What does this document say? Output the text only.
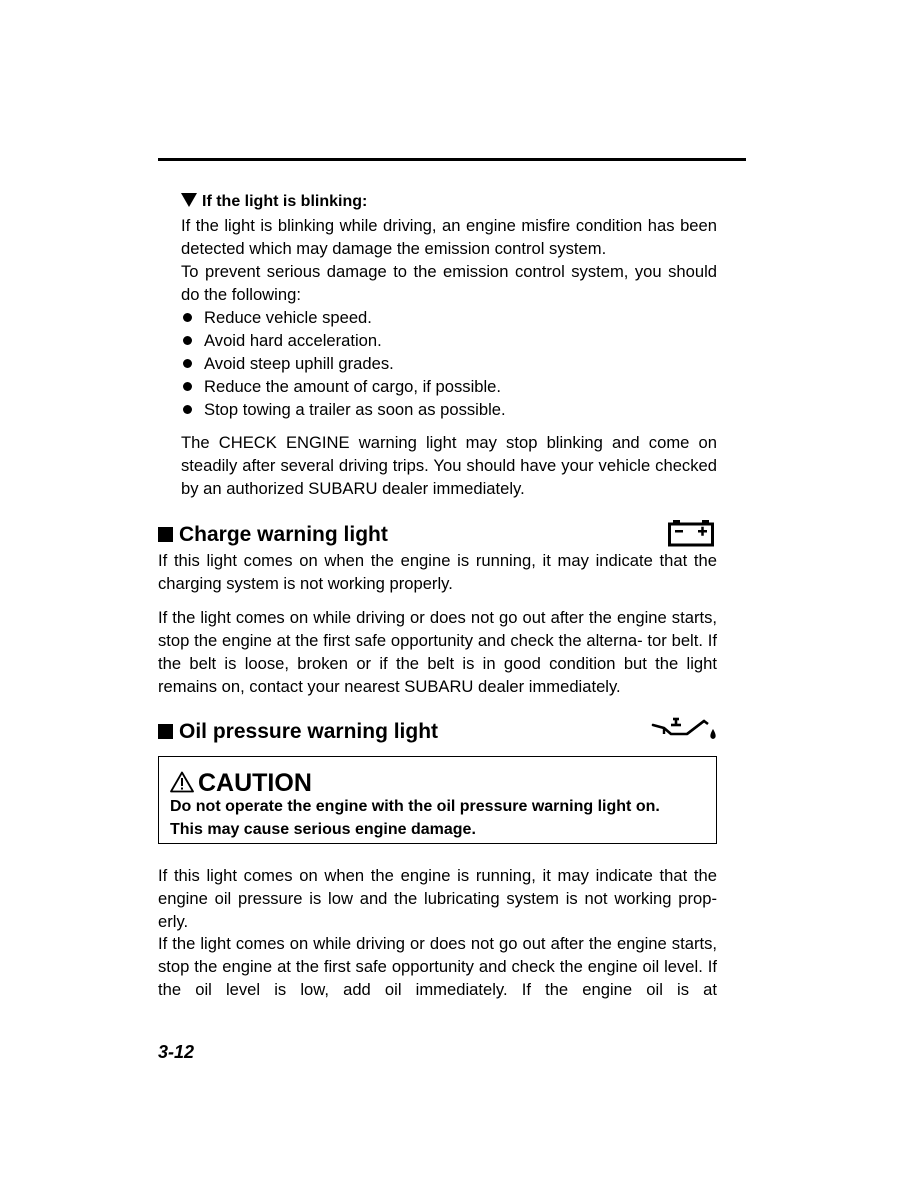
If the light is blinking:

If the light is blinking while driving, an engine misfire condition has been detected which may damage the emission control system.

To prevent serious damage to the emission control system, you should do the following:

Reduce vehicle speed.
Avoid hard acceleration.
Avoid steep uphill grades.
Reduce the amount of cargo, if possible.
Stop towing a trailer as soon as possible.

The CHECK ENGINE warning light may stop blinking and come on steadily after several driving trips. You should have your vehicle checked by an authorized SUBARU dealer immediately.

Charge warning light

If this light comes on when the engine is running, it may indicate that the charging system is not working properly.

If the light comes on while driving or does not go out after the engine starts, stop the engine at the first safe opportunity and check the alterna- tor belt. If the belt is loose, broken or if the belt is in good condition but the light remains on, contact your nearest SUBARU dealer immediately.

Oil pressure warning light
CAUTION
Do not operate the engine with the oil pressure warning light on.
This may cause serious engine damage.

If this light comes on when the engine is running, it may indicate that the engine oil pressure is low and the lubricating system is not working prop- erly.

If the light comes on while driving or does not go out after the engine starts, stop the engine at the first safe opportunity and check the engine oil level. If the oil level is low, add oil immediately. If the engine oil is at

3-12
